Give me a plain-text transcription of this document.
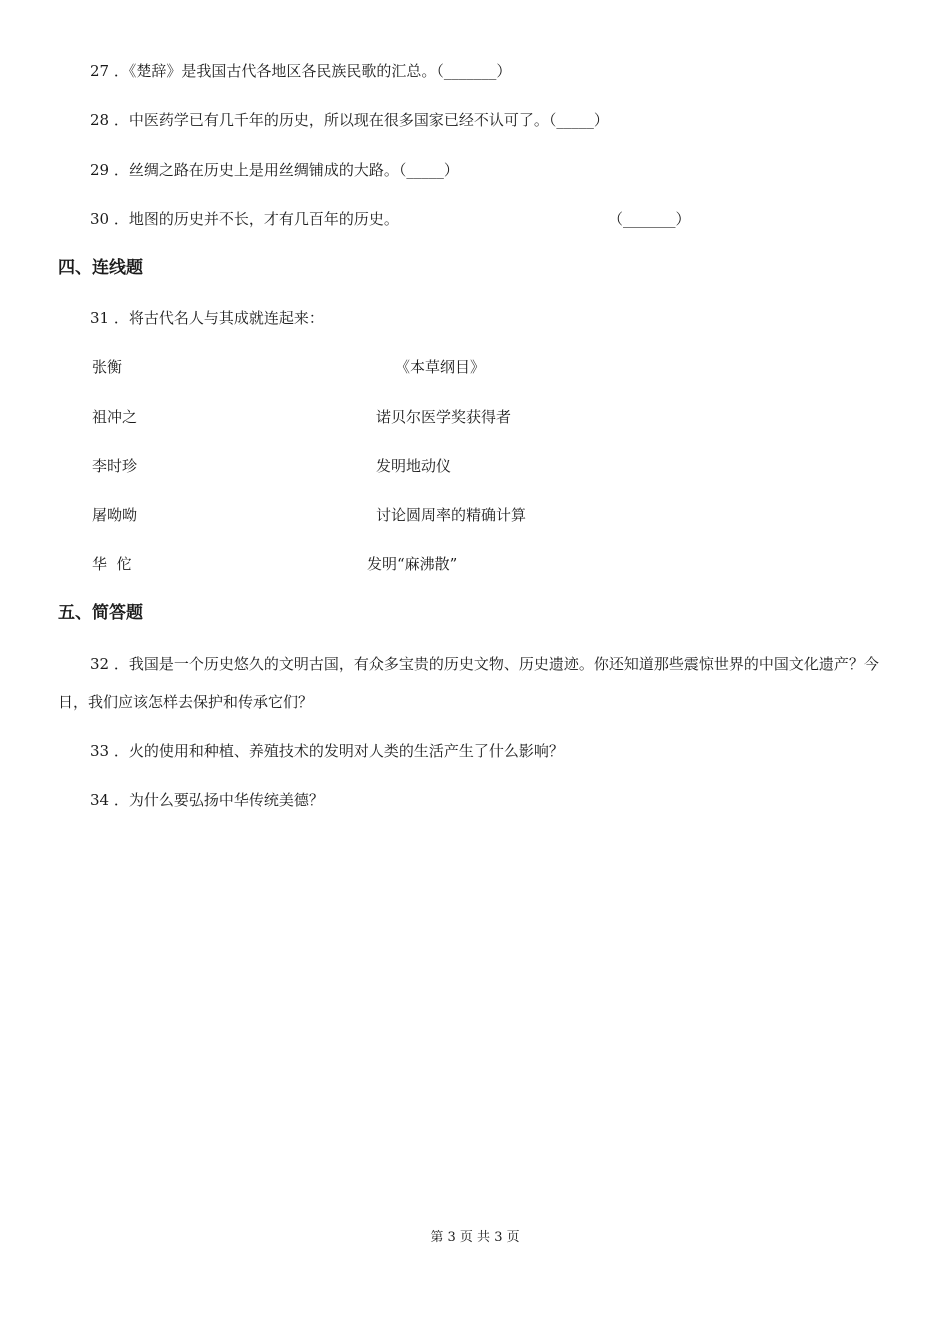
27 ．《楚辞》是我国古代各地区各民族民歌的汇总。（_______）
28 ．中医药学已有几千年的历史，所以现在很多国家已经不认可了。（_____）
29 ．丝绸之路在历史上是用丝绸铺成的大路。（_____）
30 ．地图的历史并不长，才有几百年的历史。	（_______）
四、连线题
31 ．将古代名人与其成就连起来：
张衡	《本草纲目》
祖冲之	诺贝尔医学奖获得者
李时珍	发明地动仪
屠呦呦	讨论圆周率的精确计算
华  佗	发明“麻沸散”
五、简答题
32 ．我国是一个历史悠久的文明古国，有众多宝贵的历史文物、历史遗迹。你还知道那些震惊世界的中国文化遗产？今日，我们应该怎样去保护和传承它们？
33 ．火的使用和种植、养殖技术的发明对人类的生活产生了什么影响？
34 ．为什么要弘扬中华传统美德？
第 3 页 共 3 页
